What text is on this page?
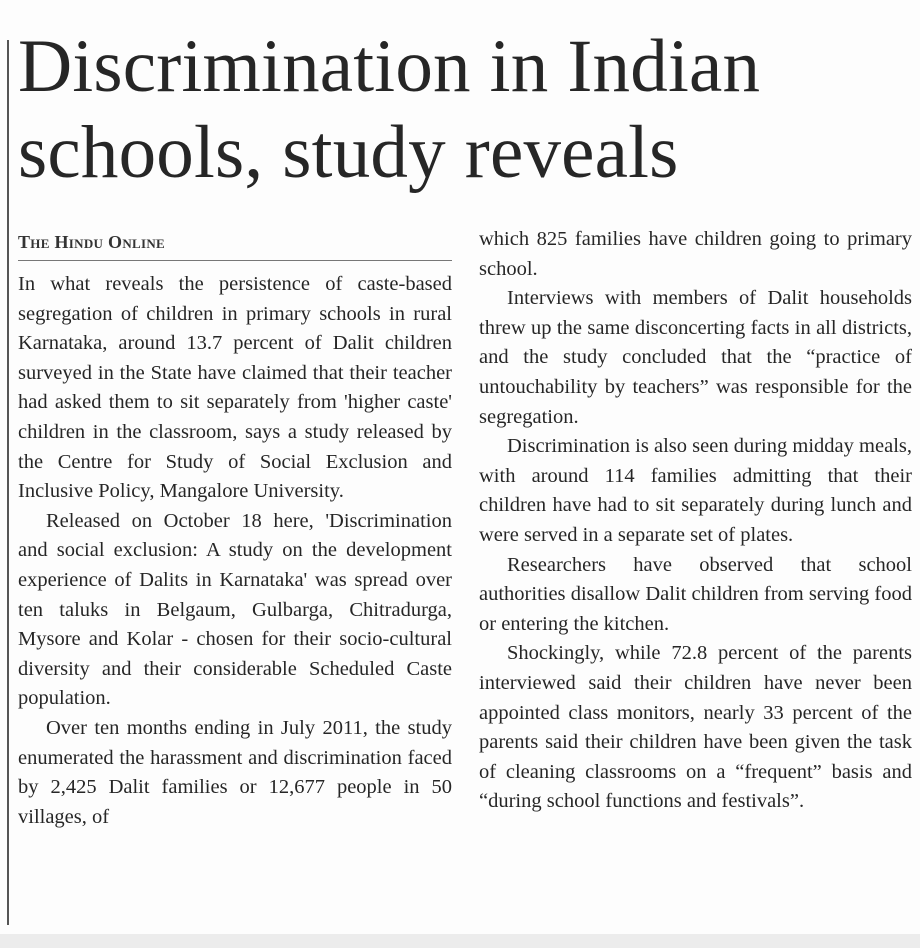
Discrimination in Indian schools, study reveals
The Hindu Online

In what reveals the persistence of caste-based segregation of children in primary schools in rural Karnataka, around 13.7 percent of Dalit children surveyed in the State have claimed that their teacher had asked them to sit separately from 'higher caste' children in the classroom, says a study released by the Centre for Study of Social Exclusion and Inclusive Policy, Mangalore University.

Released on October 18 here, 'Discrimination and social exclusion: A study on the development experience of Dalits in Karnataka' was spread over ten taluks in Belgaum, Gulbarga, Chitradurga, Mysore and Kolar - chosen for their socio-cultural diversity and their considerable Scheduled Caste population.

Over ten months ending in July 2011, the study enumerated the harassment and discrimination faced by 2,425 Dalit families or 12,677 people in 50 villages, of

which 825 families have children going to primary school.

Interviews with members of Dalit households threw up the same disconcerting facts in all districts, and the study concluded that the “practice of untouchability by teachers” was responsible for the segregation.

Discrimination is also seen during midday meals, with around 114 families admitting that their children have had to sit separately during lunch and were served in a separate set of plates.

Researchers have observed that school authorities disallow Dalit children from serving food or entering the kitchen.

Shockingly, while 72.8 percent of the parents interviewed said their children have never been appointed class monitors, nearly 33 percent of the parents said their children have been given the task of cleaning classrooms on a “frequent” basis and “during school functions and festivals”.
